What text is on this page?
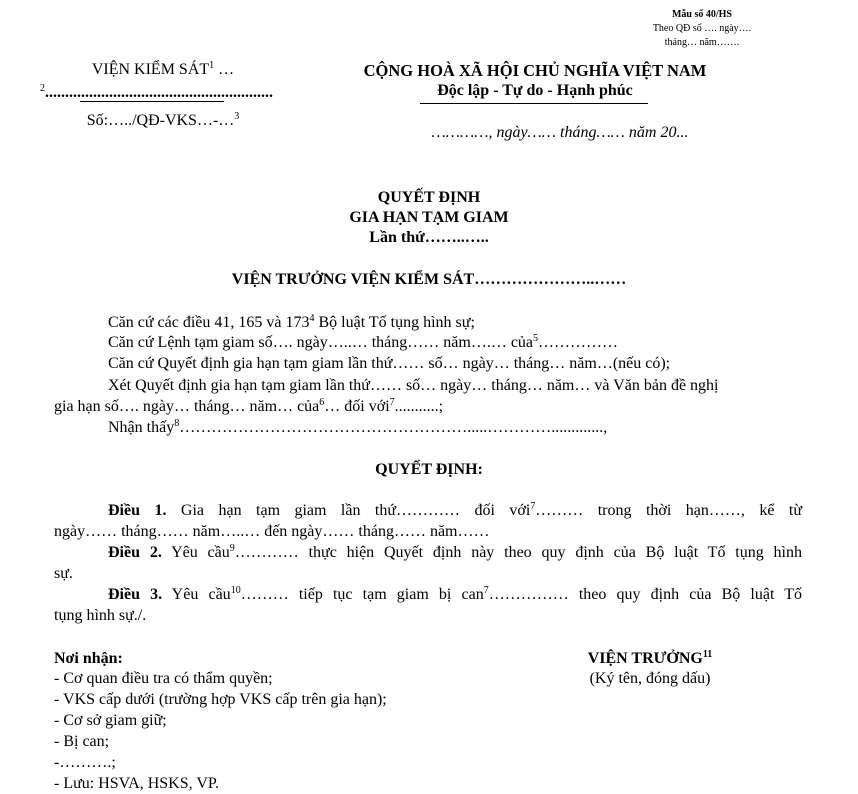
Mẫu số 40/HS
Theo QĐ số …. ngày….
tháng… năm…….
VIỆN KIỂM SÁT$^1$ …
$^2$.........................................................
Số:…../QĐ-VKS…-…$^3$
CỘNG HOÀ XÃ HỘI CHỦ NGHĨA VIỆT NAM
Độc lập - Tự do - Hạnh phúc
…………, ngày…… tháng…… năm 20...
QUYẾT ĐỊNH
GIA HẠN TẠM GIAM
Lần thứ……..…..
VIỆN TRƯỞNG VIỆN KIỂM SÁT…………………..……
Căn cứ các điều 41, 165 và $173^4$ Bộ luật Tố tụng hình sự;
Căn cứ Lệnh tạm giam số…. ngày…..… tháng…… năm….… của$^5$……………
Căn cứ Quyết định gia hạn tạm giam lần thứ…… số… ngày… tháng… năm…(nếu có);
Xét Quyết định gia hạn tạm giam lần thứ…… số… ngày… tháng… năm… và Văn bản đề nghị
gia hạn số…. ngày… tháng… năm… của$^6$… đối với$^7$...........;
Nhận thấy$^8$……………………………………………….....………….............,
QUYẾT ĐỊNH:
Điều 1. Gia hạn tạm giam lần thứ………… đối với$^7$……… trong thời hạn……, kể từ
ngày…… tháng…… năm…..… đến ngày…… tháng…… năm……
Điều 2. Yêu cầu$^9$………… thực hiện Quyết định này theo quy định của Bộ luật Tố tụng hình
sự.
Điều 3. Yêu cầu$^{10}$……… tiếp tục tạm giam bị can$^7$…………… theo quy định của Bộ luật Tố
tụng hình sự./.
Nơi nhận:
- Cơ quan điều tra có thẩm quyền;
- VKS cấp dưới (trường hợp VKS cấp trên gia hạn);
- Cơ sở giam giữ;
- Bị can;
-……….;
- Lưu: HSVA, HSKS, VP.
VIỆN TRƯỞNG$^{11}$
(Ký tên, đóng dấu)
